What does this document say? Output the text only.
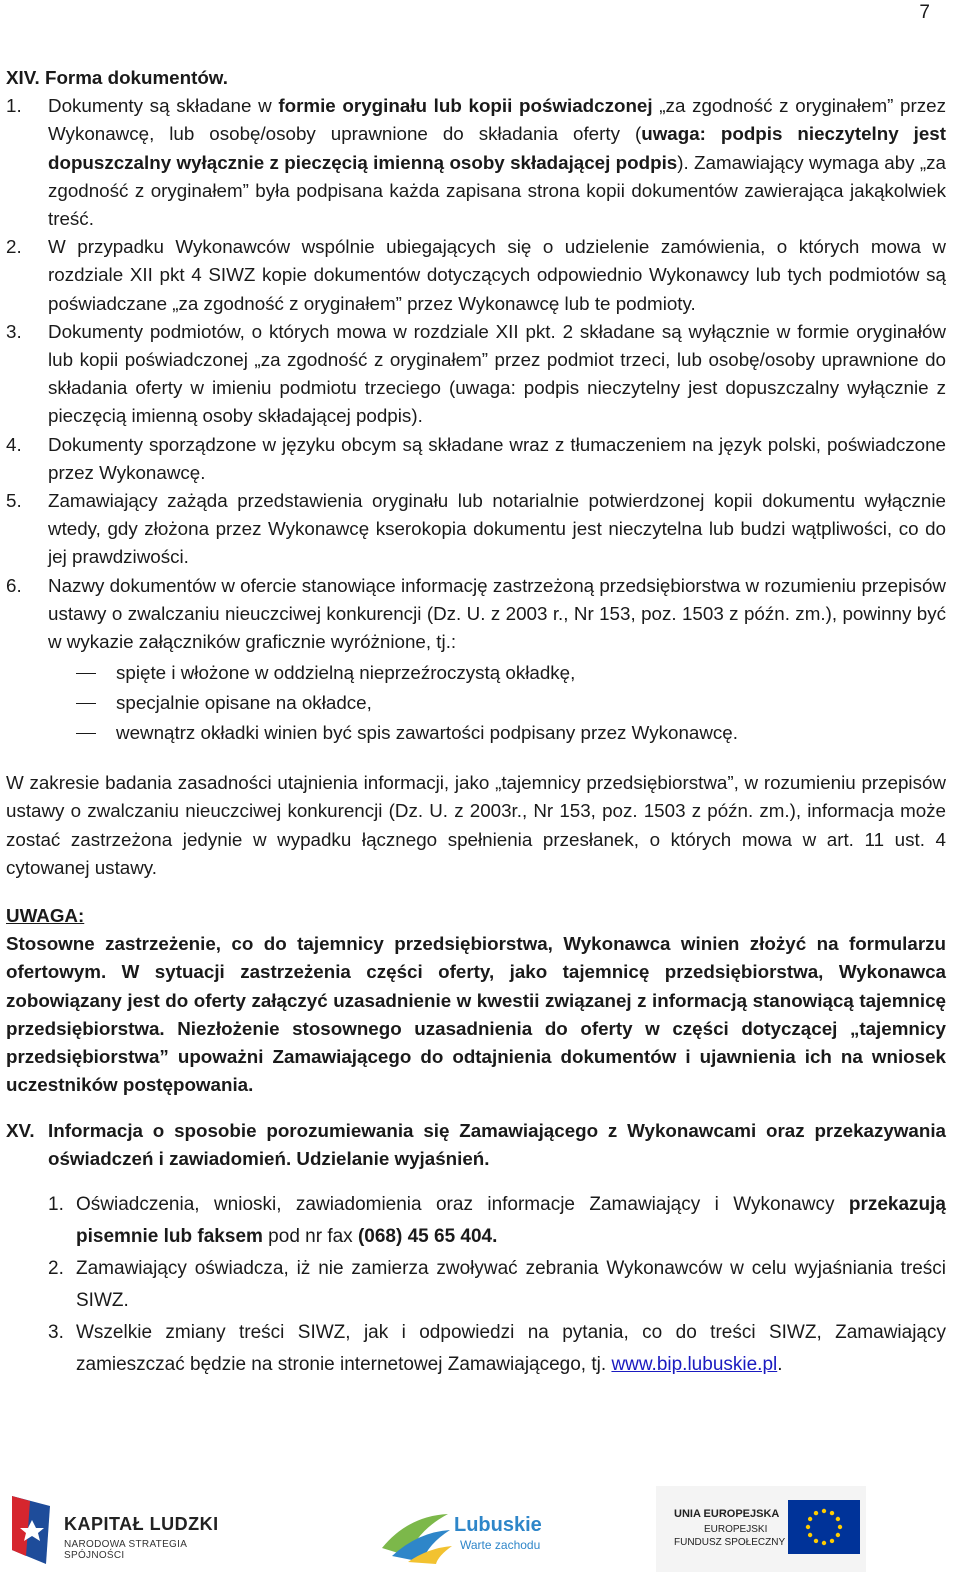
7

XIV. Forma dokumentów.

1.	Dokumenty są składane w formie oryginału lub kopii poświadczonej „za zgodność z oryginałem” przez Wykonawcę, lub osobę/osoby uprawnione do składania oferty (uwaga: podpis nieczytelny jest dopuszczalny wyłącznie z pieczęcią imienną osoby składającej podpis). Zamawiający wymaga aby „za zgodność z oryginałem” była podpisana każda zapisana strona kopii dokumentów zawierająca jakąkolwiek treść.
2.	W przypadku Wykonawców wspólnie ubiegających się o udzielenie zamówienia, o których mowa w rozdziale XII pkt 4 SIWZ kopie dokumentów dotyczących odpowiednio Wykonawcy lub tych podmiotów są poświadczane „za zgodność z oryginałem” przez Wykonawcę lub te podmioty.
3.	Dokumenty podmiotów, o których mowa w rozdziale XII pkt. 2 składane są wyłącznie w formie oryginałów lub kopii poświadczonej „za zgodność z oryginałem” przez podmiot trzeci, lub osobę/osoby uprawnione do składania oferty w imieniu podmiotu trzeciego (uwaga: podpis nieczytelny jest dopuszczalny wyłącznie z pieczęcią imienną osoby składającej podpis).
4.	Dokumenty sporządzone w języku obcym są składane wraz z tłumaczeniem na język polski, poświadczone przez Wykonawcę.
5.	Zamawiający zażąda przedstawienia oryginału lub notarialnie potwierdzonej kopii dokumentu wyłącznie wtedy, gdy złożona przez Wykonawcę kserokopia dokumentu jest nieczytelna lub budzi wątpliwości, co do jej prawdziwości.
6.	Nazwy dokumentów w ofercie stanowiące informację zastrzeżoną przedsiębiorstwa w rozumieniu przepisów ustawy o zwalczaniu nieuczciwej konkurencji (Dz. U. z 2003 r., Nr 153, poz. 1503 z późn. zm.), powinny być w wykazie załączników graficznie wyróżnione, tj.:
spięte i włożone w oddzielną nieprzeźroczystą okładkę,
specjalnie opisane na okładce,
wewnątrz okładki winien być spis zawartości podpisany przez Wykonawcę.
W zakresie badania zasadności utajnienia informacji, jako „tajemnicy przedsiębiorstwa”, w rozumieniu przepisów ustawy o zwalczaniu nieuczciwej konkurencji (Dz. U. z 2003r., Nr 153, poz. 1503 z późn. zm.), informacja może zostać zastrzeżona jedynie w wypadku łącznego spełnienia przesłanek, o których mowa w art. 11 ust. 4 cytowanej ustawy.
UWAGA:
Stosowne zastrzeżenie, co do tajemnicy przedsiębiorstwa, Wykonawca winien złożyć na formularzu ofertowym. W sytuacji zastrzeżenia części oferty, jako tajemnicę przedsiębiorstwa, Wykonawca zobowiązany jest do oferty załączyć uzasadnienie w kwestii związanej z informacją stanowiącą tajemnicę przedsiębiorstwa. Niezłożenie stosownego uzasadnienia do oferty w części dotyczącej „tajemnicy przedsiębiorstwa” upoważni Zamawiającego do odtajnienia dokumentów i ujawnienia ich na wniosek uczestników postępowania.
XV. Informacja o sposobie porozumiewania się Zamawiającego z Wykonawcami oraz przekazywania oświadczeń i zawiadomień. Udzielanie wyjaśnień.
1. Oświadczenia, wnioski, zawiadomienia oraz informacje Zamawiający i Wykonawcy przekazują pisemnie lub faksem pod nr fax (068) 45 65 404.
2. Zamawiający oświadcza, iż nie zamierza zwoływać zebrania Wykonawców w celu wyjaśniania treści SIWZ.
3. Wszelkie zmiany treści SIWZ, jak i odpowiedzi na pytania, co do treści SIWZ, Zamawiający zamieszczać będzie na stronie internetowej Zamawiającego, tj. www.bip.lubuskie.pl.
KAPITAŁ LUDZKI
NARODOWA STRATEGIA SPÓJNOŚCI
Lubuskie
Warte zachodu
UNIA EUROPEJSKA
EUROPEJSKI
FUNDUSZ SPOŁECZNY
